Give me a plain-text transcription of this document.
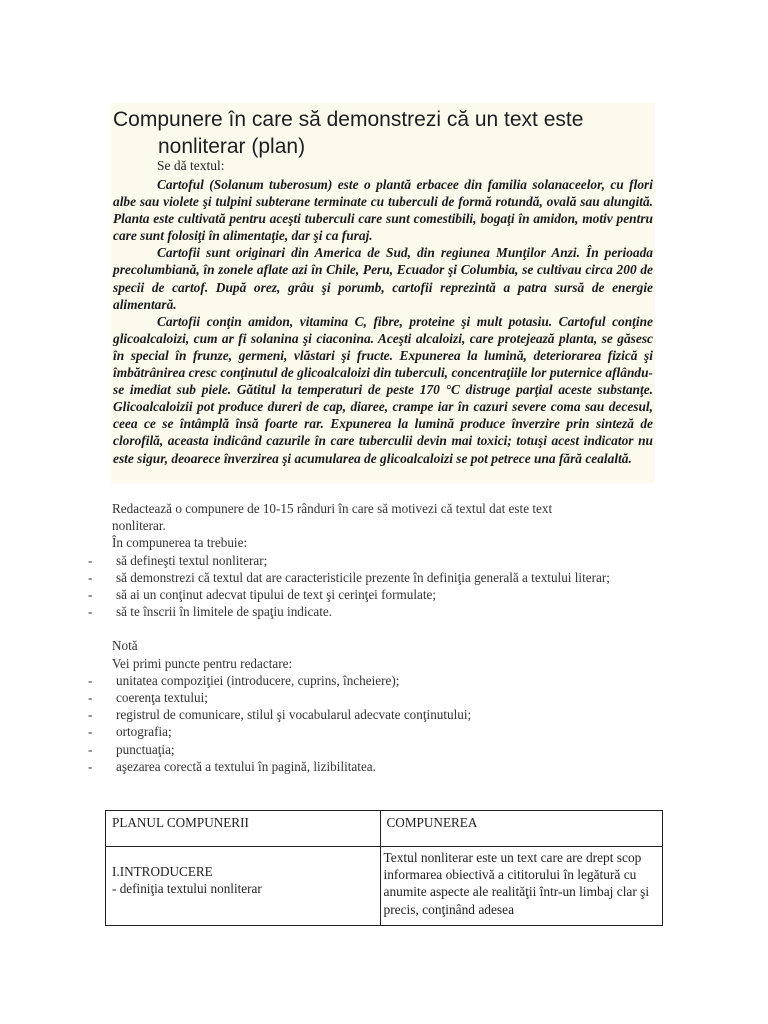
Compunere în care să demonstrezi că un text este
nonliterar (plan)
Se dă textul:

Cartoful (Solanum tuberosum) este o plantă erbacee din familia solanaceelor, cu flori albe sau violete şi tulpini subterane terminate cu tuberculi de formă rotundă, ovală sau alungită. Planta este cultivată pentru aceşti tuberculi care sunt comestibili, bogaţi în amidon, motiv pentru care sunt folosiţi în alimentaţie, dar şi ca furaj.

Cartofii sunt originari din America de Sud, din regiunea Munţilor Anzi. În perioada precolumbiană, în zonele aflate azi în Chile, Peru, Ecuador şi Columbia, se cultivau circa 200 de specii de cartof. După orez, grâu şi porumb, cartofii reprezintă a patra sursă de energie alimentară.

Cartofii conţin amidon, vitamina C, fibre, proteine şi mult potasiu. Cartoful conţine glicoalcaloizi, cum ar fi solanina şi ciaconina. Aceşti alcaloizi, care protejează planta, se găsesc în special în frunze, germeni, vlăstari şi fructe. Expunerea la lumină, deteriorarea fizică şi îmbătrânirea cresc conţinutul de glicoalcaloizi din tuberculi, concentraţiile lor puternice aflându-se imediat sub piele. Gătitul la temperaturi de peste 170 °C distruge parţial aceste substanţe. Glicoalcaloizii pot produce dureri de cap, diaree, crampe iar în cazuri severe coma sau decesul, ceea ce se întâmplă însă foarte rar. Expunerea la lumină produce înverzire prin sinteză de clorofilă, aceasta indicând cazurile în care tuberculii devin mai toxici; totuşi acest indicator nu este sigur, deoarece înverzirea şi acumularea de glicoalcaloizi se pot petrece una fără cealaltă.

Redactează o compunere de 10-15 rânduri în care să motivezi că textul dat este text

nonliterar.

În compunerea ta trebuie:

-	să defineşti textul nonliterar;
-	să demonstrezi că textul dat are caracteristicile prezente în definiţia generală a textului literar;
-	să ai un conţinut adecvat tipului de text şi cerinţei formulate;
-	să te înscrii în limitele de spaţiu indicate.

Notă

Vei primi puncte pentru redactare:

-	unitatea compoziţiei (introducere, cuprins, încheiere);
-	coerenţa textului;
-	registrul de comunicare, stilul şi vocabularul adecvate conţinutului;
-	ortografia;
-	punctuaţia;
-	aşezarea corectă a textului în pagină, lizibilitatea.
PLANUL COMPUNERII	COMPUNEREA

I.INTRODUCERE
- definiţia textului nonliterar	Textul nonliterar este un text care are drept scop informarea obiectivă a cititorului în legătură cu anumite aspecte ale realităţii într-un limbaj clar şi precis, conţinând adesea
